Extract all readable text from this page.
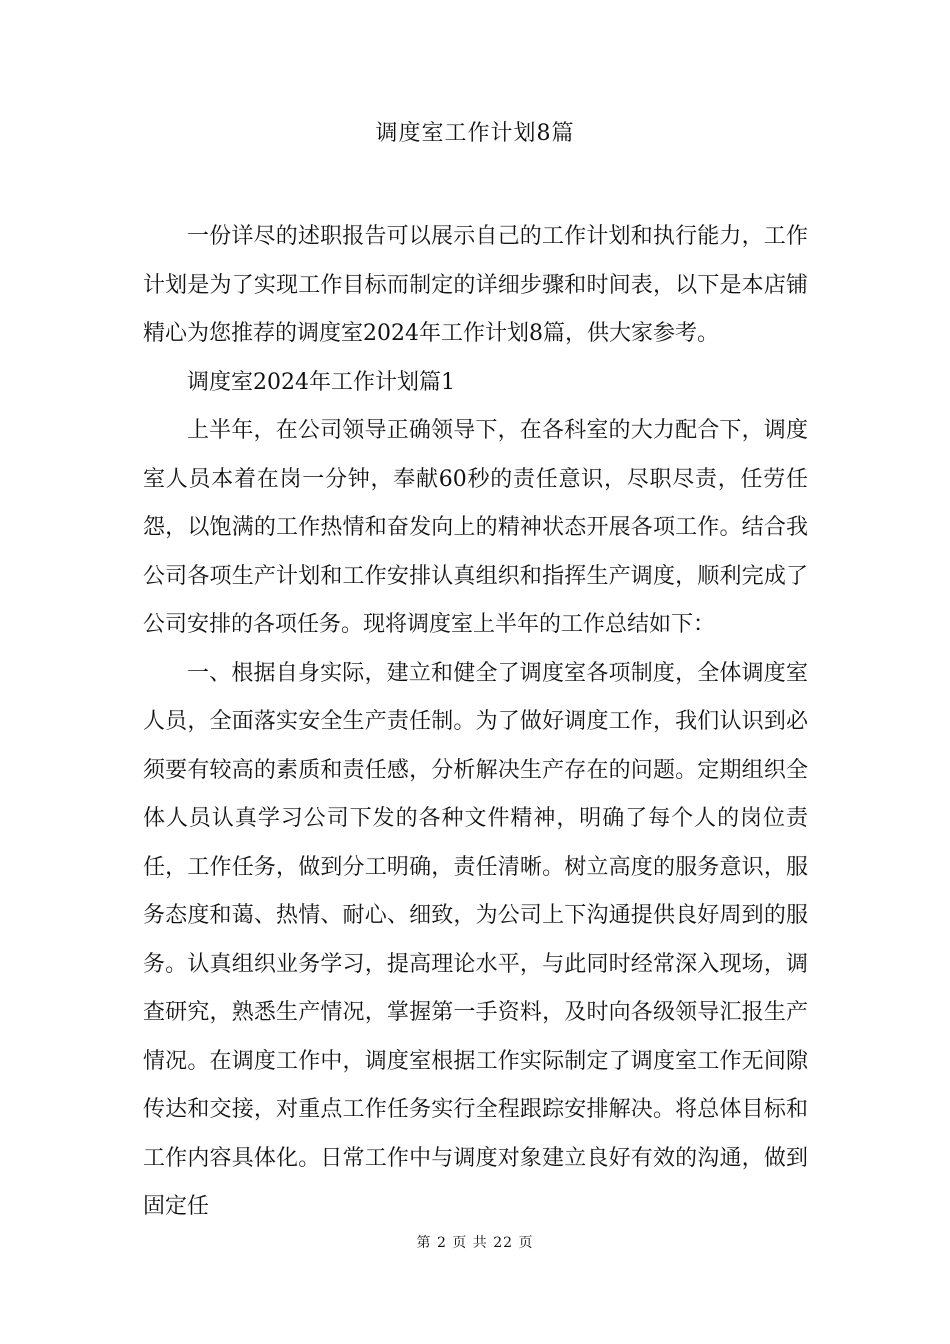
调度室工作计划8篇

一份详尽的述职报告可以展示自己的工作计划和执行能力，工作计划是为了实现工作目标而制定的详细步骤和时间表，以下是本店铺精心为您推荐的调度室2024年工作计划8篇，供大家参考。

调度室2024年工作计划篇1

上半年，在公司领导正确领导下，在各科室的大力配合下，调度室人员本着在岗一分钟，奉献60秒的责任意识，尽职尽责，任劳任怨，以饱满的工作热情和奋发向上的精神状态开展各项工作。结合我公司各项生产计划和工作安排认真组织和指挥生产调度，顺利完成了公司安排的各项任务。现将调度室上半年的工作总结如下：

一、根据自身实际，建立和健全了调度室各项制度，全体调度室人员，全面落实安全生产责任制。为了做好调度工作，我们认识到必须要有较高的素质和责任感，分析解决生产存在的问题。定期组织全体人员认真学习公司下发的各种文件精神，明确了每个人的岗位责任，工作任务，做到分工明确，责任清晰。树立高度的服务意识，服务态度和蔼、热情、耐心、细致，为公司上下沟通提供良好周到的服务。认真组织业务学习，提高理论水平，与此同时经常深入现场，调查研究，熟悉生产情况，掌握第一手资料，及时向各级领导汇报生产情况。在调度工作中，调度室根据工作实际制定了调度室工作无间隙传达和交接，对重点工作任务实行全程跟踪安排解决。将总体目标和工作内容具体化。日常工作中与调度对象建立良好有效的沟通，做到固定任

第 2 页 共 22 页
